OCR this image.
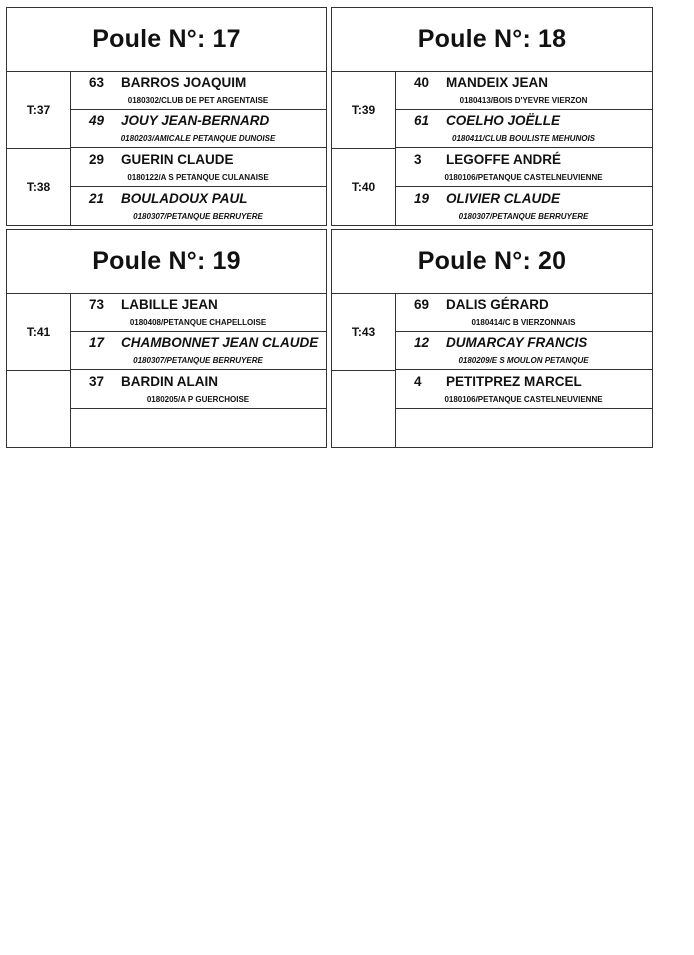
Poule N°: 17
T:37
T:38
63 BARROS JOAQUIM
0180302/CLUB DE PET ARGENTAISE
49 JOUY JEAN-BERNARD
0180203/AMICALE PETANQUE DUNOISE
29 GUERIN CLAUDE
0180122/A S PETANQUE CULANAISE
21 BOULADOUX PAUL
0180307/PETANQUE BERRUYERE
Poule N°: 18
T:39
T:40
40 MANDEIX JEAN
0180413/BOIS D'YEVRE VIERZON
61 COELHO JOËLLE
0180411/CLUB BOULISTE MEHUNOIS
3 LEGOFFE ANDRÉ
0180106/PETANQUE CASTELNEUVIENNE
19 OLIVIER CLAUDE
0180307/PETANQUE BERRUYERE
Poule N°: 19
T:41
73 LABILLE JEAN
0180408/PETANQUE CHAPELLOISE
17 CHAMBONNET JEAN CLAUDE
0180307/PETANQUE BERRUYERE
37 BARDIN ALAIN
0180205/A P GUERCHOISE
Poule N°: 20
T:43
69 DALIS GÉRARD
0180414/C B VIERZONNAIS
12 DUMARCAY FRANCIS
0180209/E S MOULON PETANQUE
4 PETITPREZ MARCEL
0180106/PETANQUE CASTELNEUVIENNE
